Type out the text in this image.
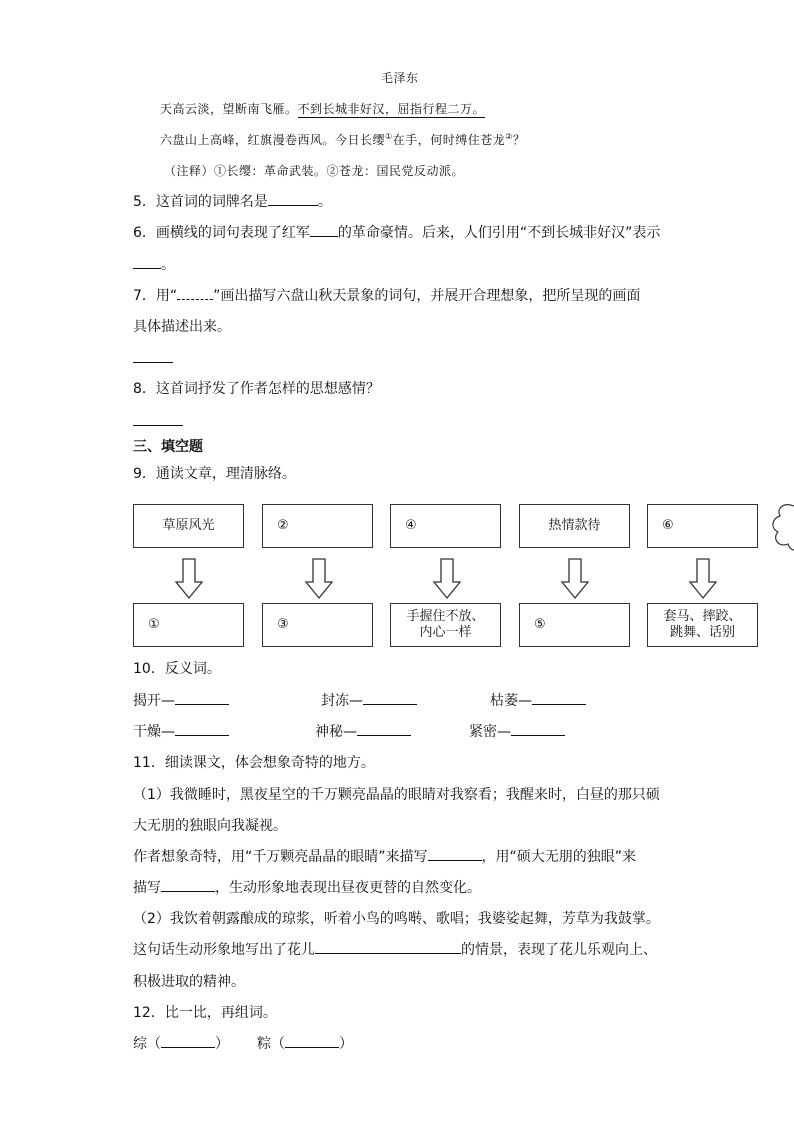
毛泽东
天高云淡，望断南飞雁。不到长城非好汉，屈指行程二万。
六盘山上高峰，红旗漫卷西风。今日长缨①在手，何时缚住苍龙②？
（注释）①长缨：革命武装。②苍龙：国民党反动派。
5．这首词的词牌名是	。
6．画横线的词句表现了红军 的革命豪情。后来，人们引用“不到长城非好汉”表示
。
7．用“	”画出描写六盘山秋天景象的词句，并展开合理想象，把所呈现的画面
具体描述出来。
8．这首词抒发了作者怎样的思想感情？
三、填空题
9．通读文章，理清脉络。
草原风光	②	④	热情款待	⑥
①	③
手握住不放、
内心一样
⑤
套马、摔跤、
跳舞、话别
10．反义词。
揭开—	封冻—	枯萎—
干燥—	神秘—	紧密—
11．细读课文，体会想象奇特的地方。
（1）我微睡时，黑夜星空的千万颗亮晶晶的眼睛对我察看；我醒来时，白昼的那只硕
大无朋的独眼向我凝视。
作者想象奇特，用“千万颗亮晶晶的眼睛”来描写	，用“硕大无朋的独眼”来
描写	，生动形象地表现出昼夜更替的自然变化。
（2）我饮着朝露酿成的琼浆，听着小鸟的鸣啭、歌唱；我婆娑起舞，芳草为我鼓掌。
这句话生动形象地写出了花儿	的情景，表现了花儿乐观向上、
积极进取的精神。
12．比一比，再组词。
综（	） 粽（	）
